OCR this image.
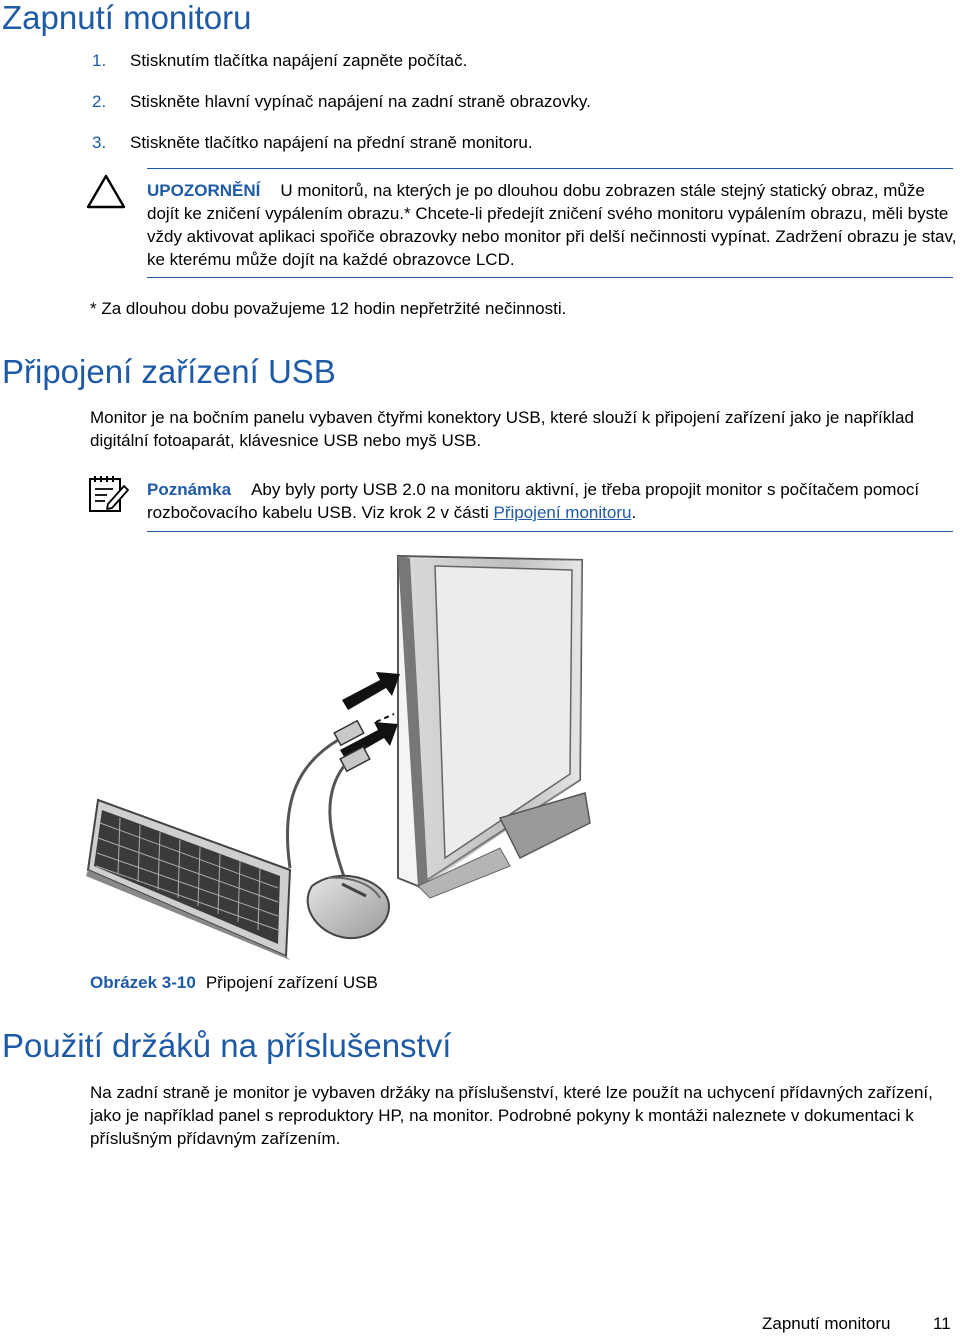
Zapnutí monitoru
1. Stisknutím tlačítka napájení zapněte počítač.
2. Stiskněte hlavní vypínač napájení na zadní straně obrazovky.
3. Stiskněte tlačítko napájení na přední straně monitoru.
UPOZORNĚNÍ U monitorů, na kterých je po dlouhou dobu zobrazen stále stejný statický obraz, může dojít ke zničení vypálením obrazu.* Chcete-li předejít zničení svého monitoru vypálením obrazu, měli byste vždy aktivovat aplikaci spořiče obrazovky nebo monitor při delší nečinnosti vypínat. Zadržení obrazu je stav, ke kterému může dojít na každé obrazovce LCD.
* Za dlouhou dobu považujeme 12 hodin nepřetržité nečinnosti.
Připojení zařízení USB
Monitor je na bočním panelu vybaven čtyřmi konektory USB, které slouží k připojení zařízení jako je například digitální fotoaparát, klávesnice USB nebo myš USB.
Poznámka Aby byly porty USB 2.0 na monitoru aktivní, je třeba propojit monitor s počítačem pomocí rozbočovacího kabelu USB. Viz krok 2 v části Připojení monitoru.
Obrázek 3-10 Připojení zařízení USB
Použití držáků na příslušenství
Na zadní straně je monitor je vybaven držáky na příslušenství, které lze použít na uchycení přídavných zařízení, jako je například panel s reproduktory HP, na monitor. Podrobné pokyny k montáži naleznete v dokumentaci k příslušným přídavným zařízením.
Zapnutí monitoru 11
